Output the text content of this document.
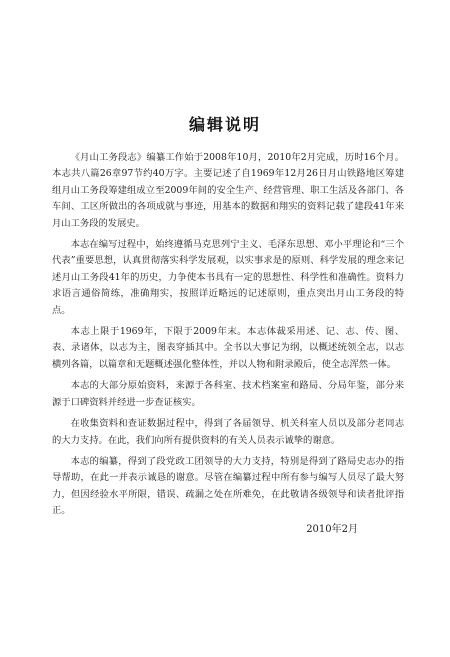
编辑说明

《月山工务段志》编纂工作始于2008年10月，2010年2月完成，历时16个月。本志共八篇26章97节约40万字。主要记述了自1969年12月26日月山铁路地区筹建组月山工务段筹建组成立至2009年间的安全生产、经营管理、职工生活及各部门、各车间、工区所做出的各项成就与事迹，用基本的数据和翔实的资料记载了建段41年来月山工务段的发展史。

本志在编写过程中，始终遵循马克思列宁主义、毛泽东思想、邓小平理论和“三个代表”重要思想，认真贯彻落实科学发展观，以实事求是的原则、科学发展的理念来记述月山工务段41年的历史，力争使本书具有一定的思想性、科学性和准确性。资料力求语言通俗简练，准确翔实，按照详近略远的记述原则，重点突出月山工务段的特点。

本志上限于1969年，下限于2009年末。本志体裁采用述、记、志、传、图、表、录诸体，以志为主，图表穿插其中。全书以大事记为纲，以概述统领全志，以志横列各篇，以篇章和无题概述强化整体性，并以人物和附录殿后，使全志浑然一体。

本志的大部分原始资料，来源于各科室、技术档案室和路局、分局年鉴，部分来源于口碑资料并经进一步查证核实。

在收集资料和查证数据过程中，得到了各届领导、机关科室人员以及部分老同志的大力支持。在此，我们向所有提供资料的有关人员表示诚挚的谢意。

本志的编纂，得到了段党政工团领导的大力支持，特别是得到了路局史志办的指导帮助，在此一并表示诚恳的谢意。尽管在编纂过程中所有参与编写人员尽了最大努力，但因经验水平所限，错误、疏漏之处在所难免，在此敬请各级领导和读者批评指正。

2010年2月
